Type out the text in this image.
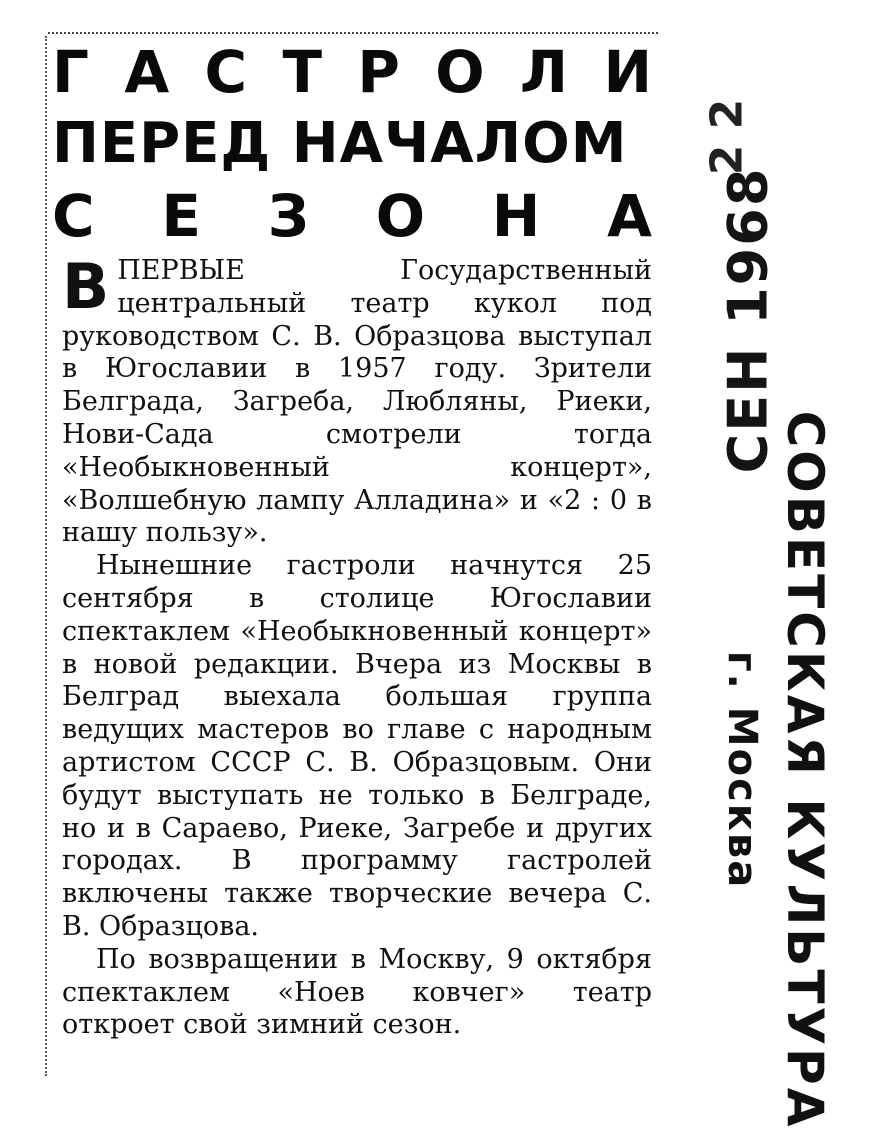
Г А С Т Р О Л И
ПЕРЕД НАЧАЛОМ
С Е З О Н А

ВПЕРВЫЕ Государственный центральный театр кукол под руководством С. В. Образцова выступал в Югославии в 1957 году. Зрители Белграда, Загреба, Любляны, Риеки, Нови-Сада смотрели тогда «Необыкновенный концерт», «Волшебную лампу Алладина» и «2 : 0 в нашу пользу».

Нынешние гастроли начнутся 25 сентября в столице Югославии спектаклем «Необыкновенный концерт» в новой редакции. Вчера из Москвы в Белград выехала большая группа ведущих мастеров во главе с народным артистом СССР С. В. Образцовым. Они будут выступать не только в Белграде, но и в Сараево, Риеке, Загребе и других городах. В программу гастролей включены также творческие вечера С. В. Образцова.

По возвращении в Москву, 9 октября спектаклем «Ноев ковчег» театр откроет свой зимний сезон.

2 2
СЕН 1968
г. Москва СОВЕТСКАЯ КУЛЬТУРА
